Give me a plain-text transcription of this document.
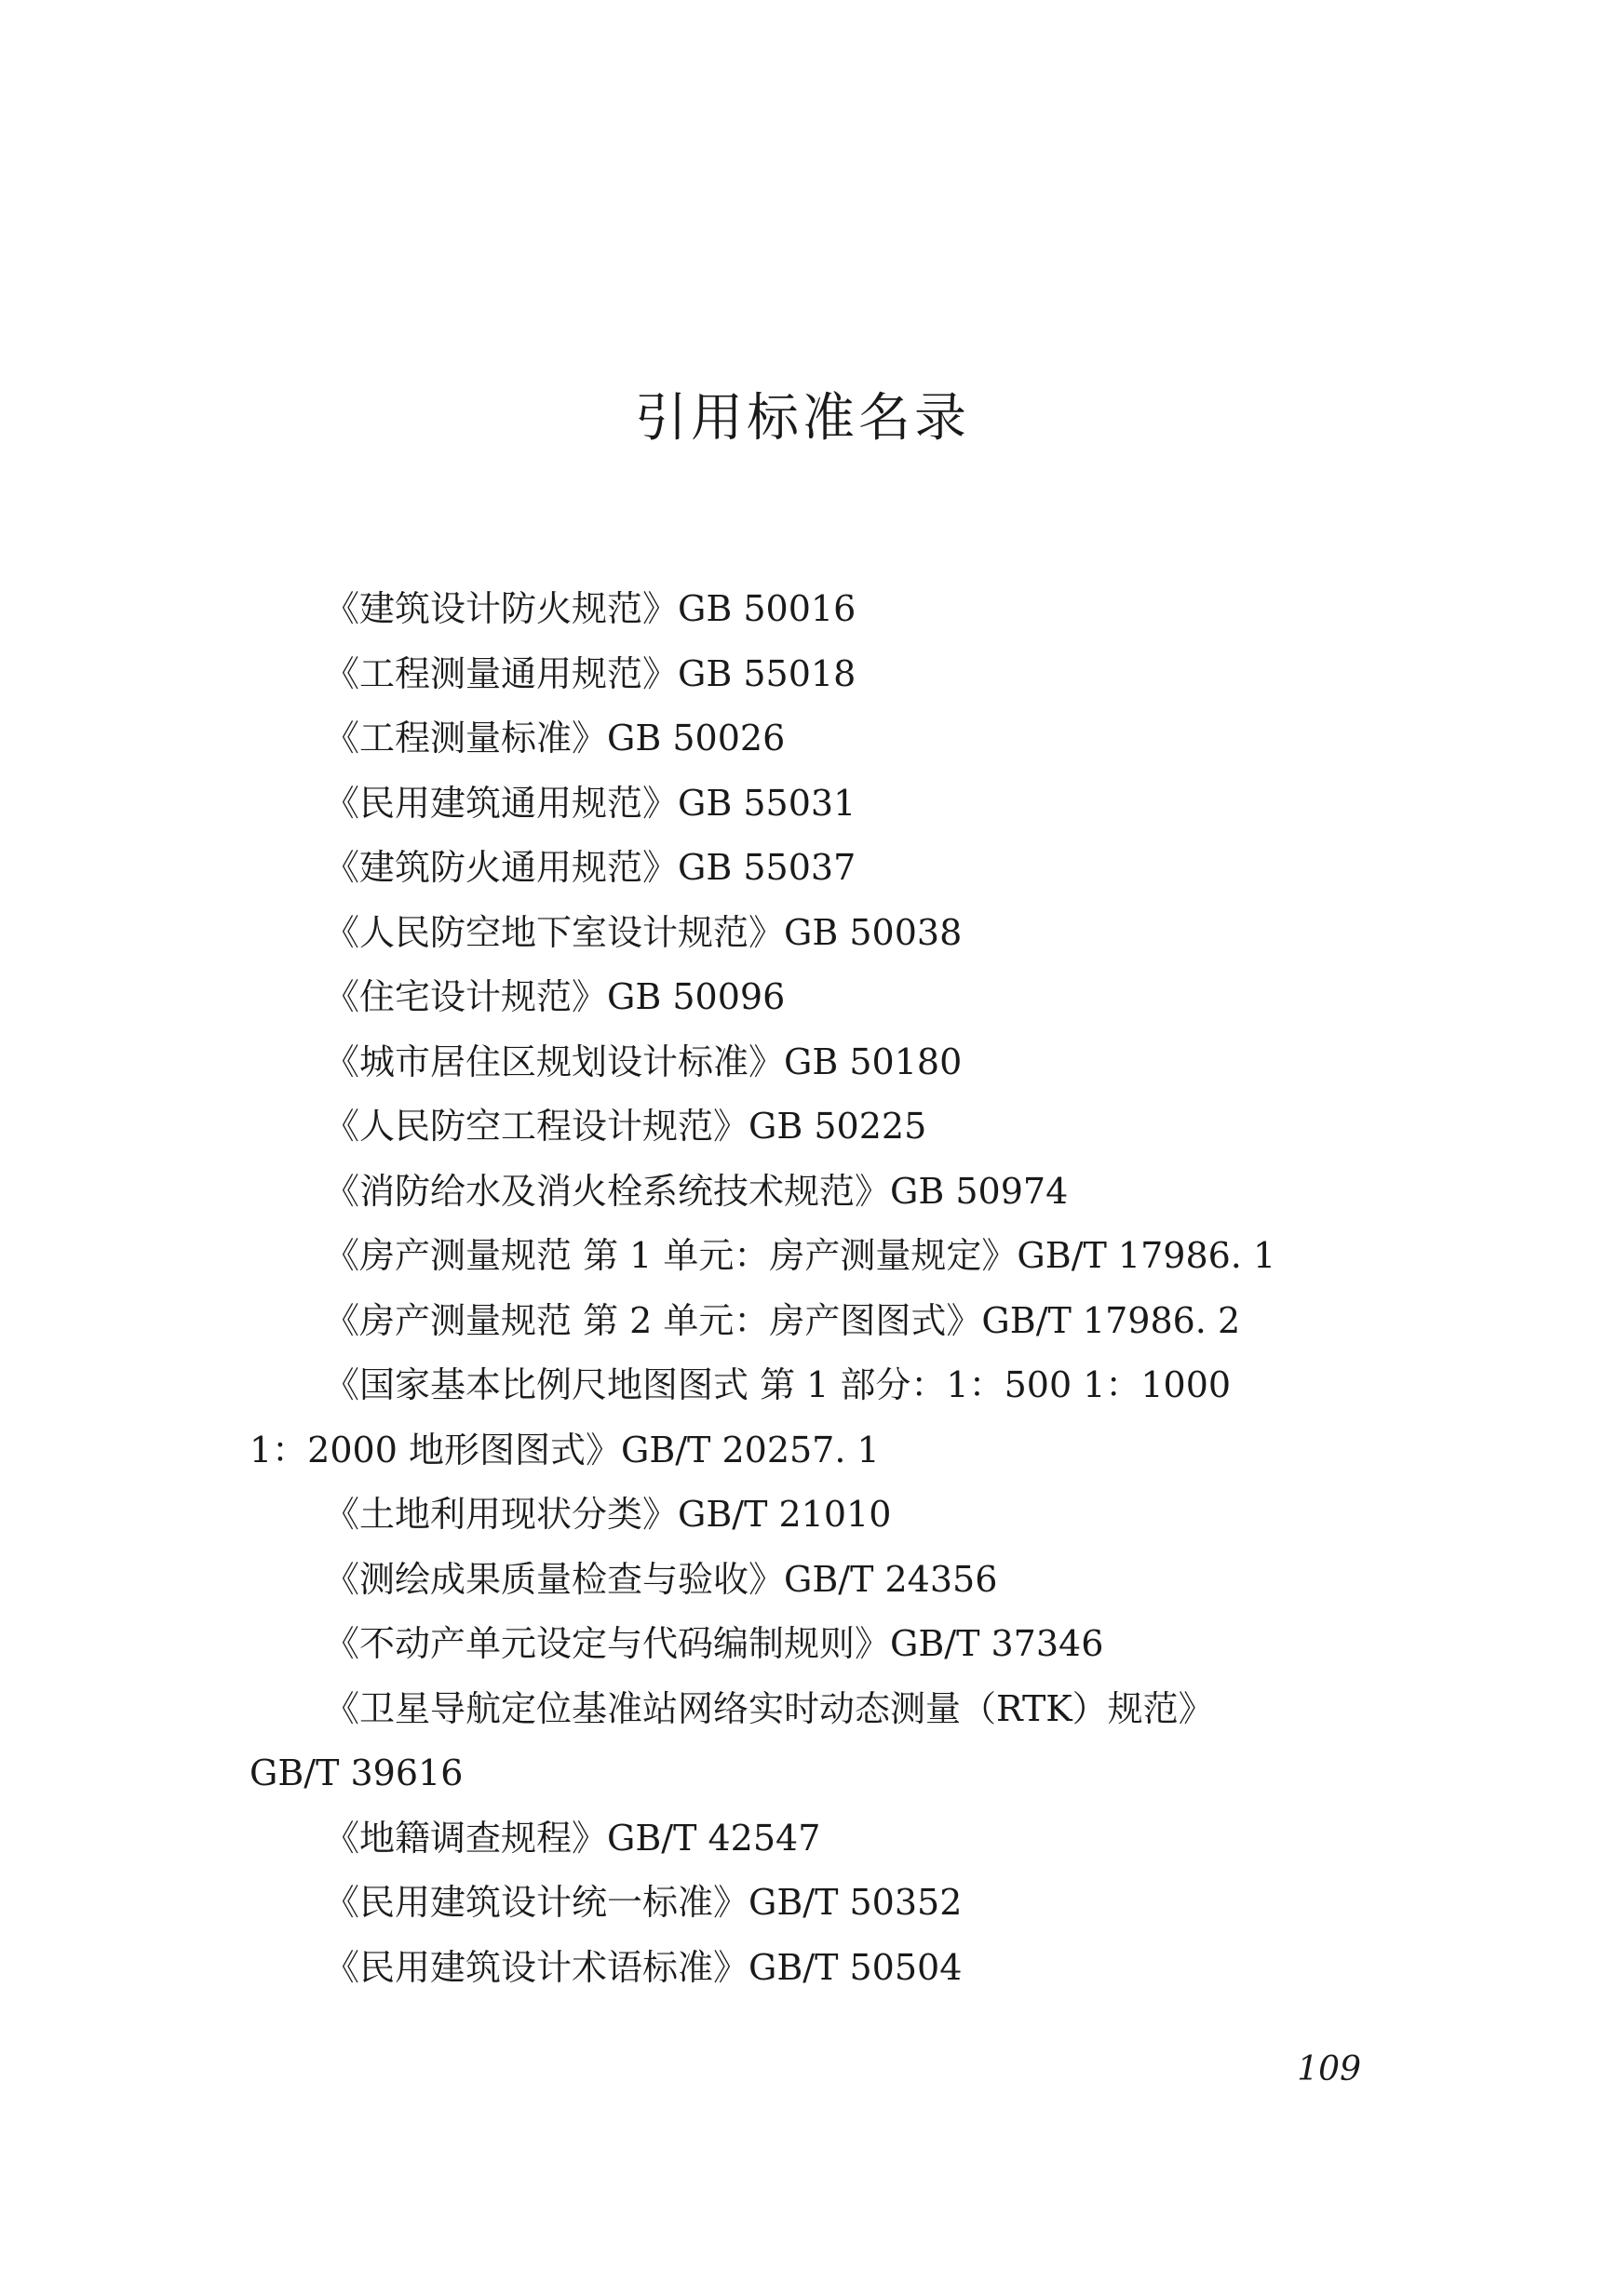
引用标准名录
《建筑设计防火规范》GB 50016
《工程测量通用规范》GB 55018
《工程测量标准》GB 50026
《民用建筑通用规范》GB 55031
《建筑防火通用规范》GB 55037
《人民防空地下室设计规范》GB 50038
《住宅设计规范》GB 50096
《城市居住区规划设计标准》GB 50180
《人民防空工程设计规范》GB 50225
《消防给水及消火栓系统技术规范》GB 50974
《房产测量规范 第 1 单元：房产测量规定》GB/T 17986. 1
《房产测量规范 第 2 单元：房产图图式》GB/T 17986. 2
《国家基本比例尺地图图式 第 1 部分：1：500 1：1000
1：2000 地形图图式》GB/T 20257. 1
《土地利用现状分类》GB/T 21010
《测绘成果质量检查与验收》GB/T 24356
《不动产单元设定与代码编制规则》GB/T 37346
《卫星导航定位基准站网络实时动态测量（RTK）规范》
GB/T 39616
《地籍调查规程》GB/T 42547
《民用建筑设计统一标准》GB/T 50352
《民用建筑设计术语标准》GB/T 50504
109
